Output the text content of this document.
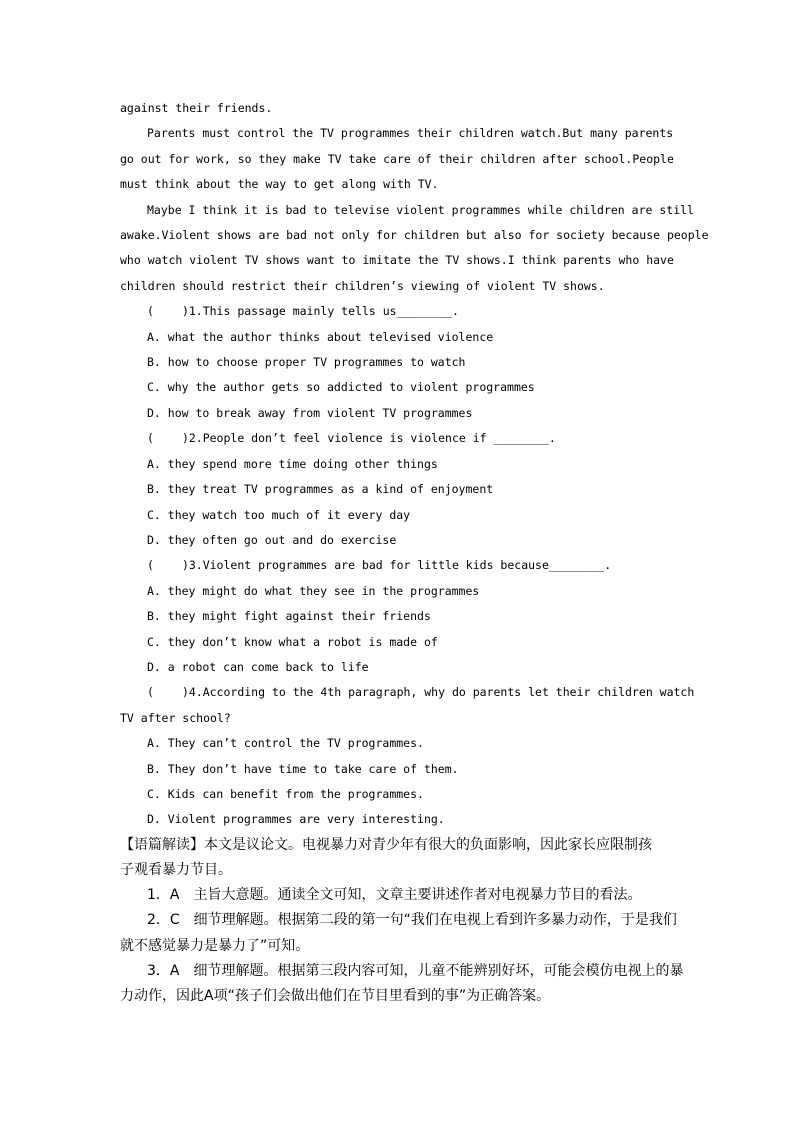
against their friends.
Parents must control the TV programmes their children watch.But many parents
go out for work, so they make TV take care of their children after school.People
must think about the way to get along with TV.
Maybe I think it is bad to televise violent programmes while children are still
awake.Violent shows are bad not only for children but also for society because people
who watch violent TV shows want to imitate the TV shows.I think parents who have
children should restrict their children’s viewing of violent TV shows.
( )1.This passage mainly tells us________.
A. what the author thinks about televised violence
B. how to choose proper TV programmes to watch
C. why the author gets so addicted to violent programmes
D. how to break away from violent TV programmes
( )2.People don’t feel violence is violence if ________.
A. they spend more time doing other things
B. they treat TV programmes as a kind of enjoyment
C. they watch too much of it every day
D. they often go out and do exercise
( )3.Violent programmes are bad for little kids because________.
A. they might do what they see in the programmes
B. they might fight against their friends
C. they don’t know what a robot is made of
D. a robot can come back to life
( )4.According to the 4th paragraph, why do parents let their children watch
TV after school?
A. They can’t control the TV programmes.
B. They don’t have time to take care of them.
C. Kids can benefit from the programmes.
D. Violent programmes are very interesting.
【语篇解读】本文是议论文。电视暴力对青少年有很大的负面影响，因此家长应限制孩
子观看暴力节目。
1．A　主旨大意题。通读全文可知，文章主要讲述作者对电视暴力节目的看法。
2．C　细节理解题。根据第二段的第一句“我们在电视上看到许多暴力动作，于是我们
就不感觉暴力是暴力了”可知。
3．A　细节理解题。根据第三段内容可知，儿童不能辨别好坏，可能会模仿电视上的暴
力动作，因此A项“孩子们会做出他们在节目里看到的事”为正确答案。
